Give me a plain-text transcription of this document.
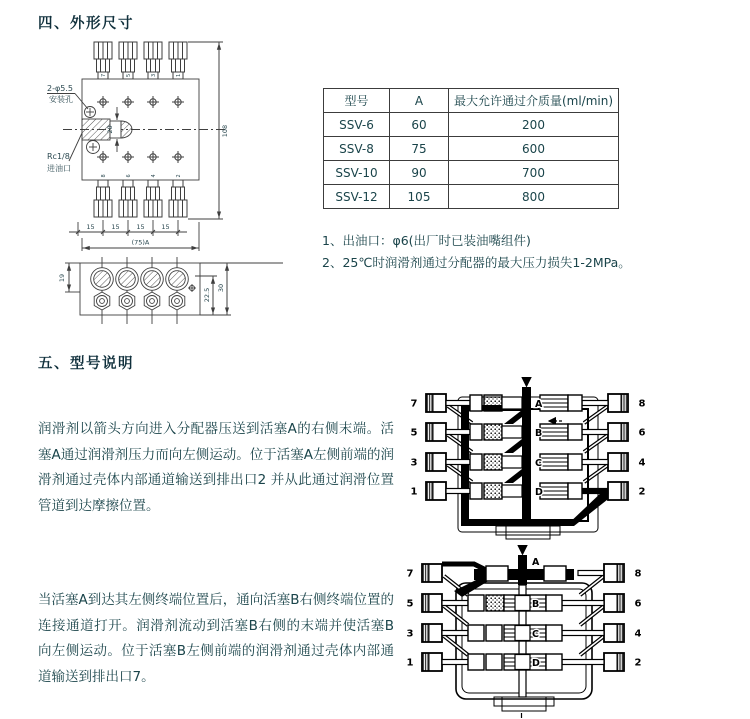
四、外形尺寸
7	5	3	1
8	6	4	2
20
2-φ5.5
安装孔
Rc1/8
进油口
108
15	15	15	15
(75)A
19
22.5 30
型号	A	最大允许通过介质量(ml/min)
SSV-6	60	200
SSV-8	75	600
SSV-10	90	700
SSV-12	105	800
1、出油口：φ6(出厂时已装油嘴组件)
2、25℃时润滑剂通过分配器的最大压力损失1-2MPa。
五、型号说明
润滑剂以箭头方向进入分配器压送到活塞A的右侧末端。活塞A通过润滑剂压力而向左侧运动。位于活塞A左侧前端的润滑剂通过壳体内部通道输送到排出口2 并从此通过润滑位置管道到达摩擦位置。
当活塞A到达其左侧终端位置后，通向活塞B右侧终端位置的连接通道打开。润滑剂流动到活塞B右侧的末端并使活塞B向左侧运动。位于活塞B左侧前端的润滑剂通过壳体内部通道输送到排出口7。
7
5
3
1
8
6
4
2
A
B
C
D
7
5
3
1
8
6
4
2
A
B
C
D
